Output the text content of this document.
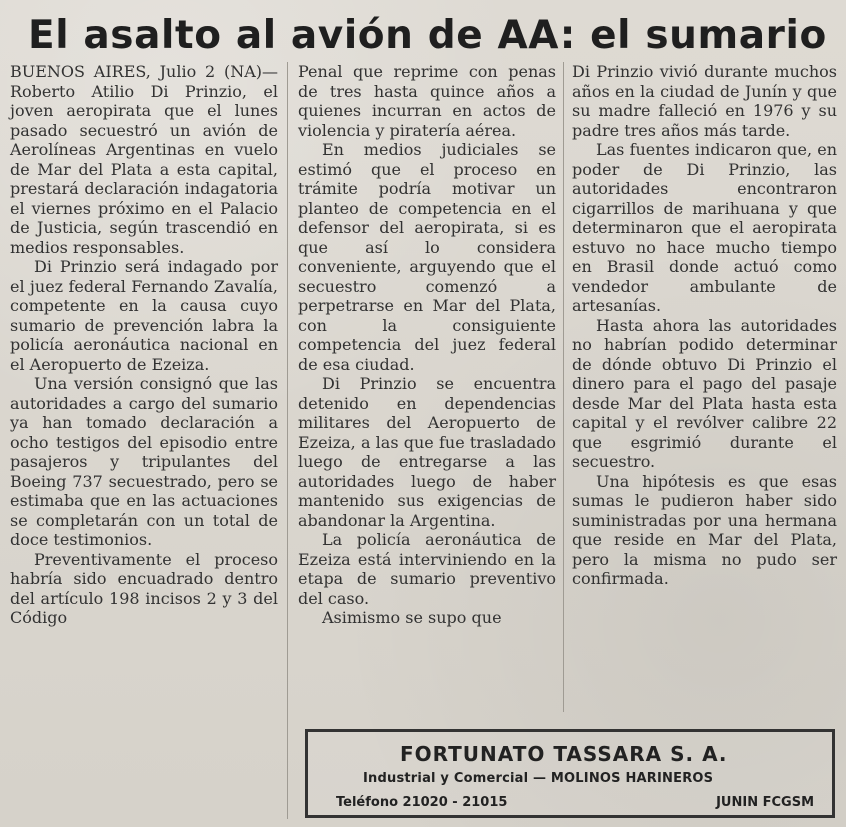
El asalto al avión de AA: el sumario

BUENOS AIRES, Julio 2 (NA)— Roberto Atilio Di Prinzio, el joven aeropirata que el lunes pasado secuestró un avión de Aerolíneas Argentinas en vuelo de Mar del Plata a esta capital, prestará declaración indagatoria el viernes próximo en el Palacio de Justicia, según trascendió en medios responsables.

Di Prinzio será indagado por el juez federal Fernando Zavalía, competente en la causa cuyo sumario de prevención labra la policía aeronáutica nacional en el Aeropuerto de Ezeiza.

Una versión consignó que las autoridades a cargo del sumario ya han tomado declaración a ocho testigos del episodio entre pasajeros y tripulantes del Boeing 737 secuestrado, pero se estimaba que en las actuaciones se completarán con un total de doce testimonios.

Preventivamente el proceso habría sido encuadrado dentro del artículo 198 incisos 2 y 3 del Código

Penal que reprime con penas de tres hasta quince años a quienes incurran en actos de violencia y piratería aérea.

En medios judiciales se estimó que el proceso en trámite podría motivar un planteo de competencia en el defensor del aeropirata, si es que así lo considera conveniente, arguyendo que el secuestro comenzó a perpetrarse en Mar del Plata, con la consiguiente competencia del juez federal de esa ciudad.

Di Prinzio se encuentra detenido en dependencias militares del Aeropuerto de Ezeiza, a las que fue trasladado luego de entregarse a las autoridades luego de haber mantenido sus exigencias de abandonar la Argentina.

La policía aeronáutica de Ezeiza está interviniendo en la etapa de sumario preventivo del caso.

Asimismo se supo que

Di Prinzio vivió durante muchos años en la ciudad de Junín y que su madre falleció en 1976 y su padre tres años más tarde.

Las fuentes indicaron que, en poder de Di Prinzio, las autoridades encontraron cigarrillos de marihuana y que determinaron que el aeropirata estuvo no hace mucho tiempo en Brasil donde actuó como vendedor ambulante de artesanías.

Hasta ahora las autoridades no habrían podido determinar de dónde obtuvo Di Prinzio el dinero para el pago del pasaje desde Mar del Plata hasta esta capital y el revólver calibre 22 que esgrimió durante el secuestro.

Una hipótesis es que esas sumas le pudieron haber sido suministradas por una hermana que reside en Mar del Plata, pero la misma no pudo ser confirmada.

FORTUNATO TASSARA S. A.
Industrial y Comercial — MOLINOS HARINEROS
Teléfono 21020 - 21015	JUNIN FCGSM
